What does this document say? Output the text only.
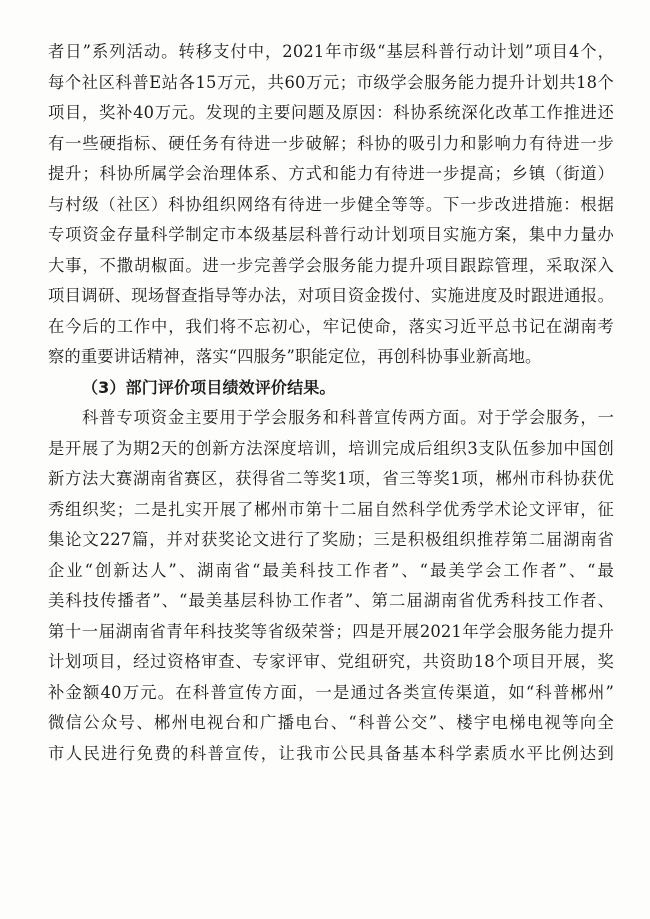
者日”系列活动。转移支付中，2021年市级“基层科普行动计划”项目4个，
每个社区科普E站各15万元，共60万元；市级学会服务能力提升计划共18个
项目，奖补40万元。发现的主要问题及原因：科协系统深化改革工作推进还
有一些硬指标、硬任务有待进一步破解；科协的吸引力和影响力有待进一步
提升；科协所属学会治理体系、方式和能力有待进一步提高；乡镇（街道）
与村级（社区）科协组织网络有待进一步健全等等。下一步改进措施：根据
专项资金存量科学制定市本级基层科普行动计划项目实施方案，集中力量办
大事，不撒胡椒面。进一步完善学会服务能力提升项目跟踪管理，采取深入
项目调研、现场督查指导等办法，对项目资金拨付、实施进度及时跟进通报。
在今后的工作中，我们将不忘初心，牢记使命，落实习近平总书记在湖南考
察的重要讲话精神，落实“四服务”职能定位，再创科协事业新高地。
（3）部门评价项目绩效评价结果。
科普专项资金主要用于学会服务和科普宣传两方面。对于学会服务，一
是开展了为期2天的创新方法深度培训，培训完成后组织3支队伍参加中国创
新方法大赛湖南省赛区，获得省二等奖1项，省三等奖1项，郴州市科协获优
秀组织奖；二是扎实开展了郴州市第十二届自然科学优秀学术论文评审，征
集论文227篇，并对获奖论文进行了奖励；三是积极组织推荐第二届湖南省
企业“创新达人”、湖南省“最美科技工作者”、“最美学会工作者”、“最
美科技传播者”、“最美基层科协工作者”、第二届湖南省优秀科技工作者、
第十一届湖南省青年科技奖等省级荣誉；四是开展2021年学会服务能力提升
计划项目，经过资格审查、专家评审、党组研究，共资助18个项目开展，奖
补金额40万元。在科普宣传方面，一是通过各类宣传渠道，如“科普郴州”
微信公众号、郴州电视台和广播电台、“科普公交”、楼宇电梯电视等向全
市人民进行免费的科普宣传，让我市公民具备基本科学素质水平比例达到
